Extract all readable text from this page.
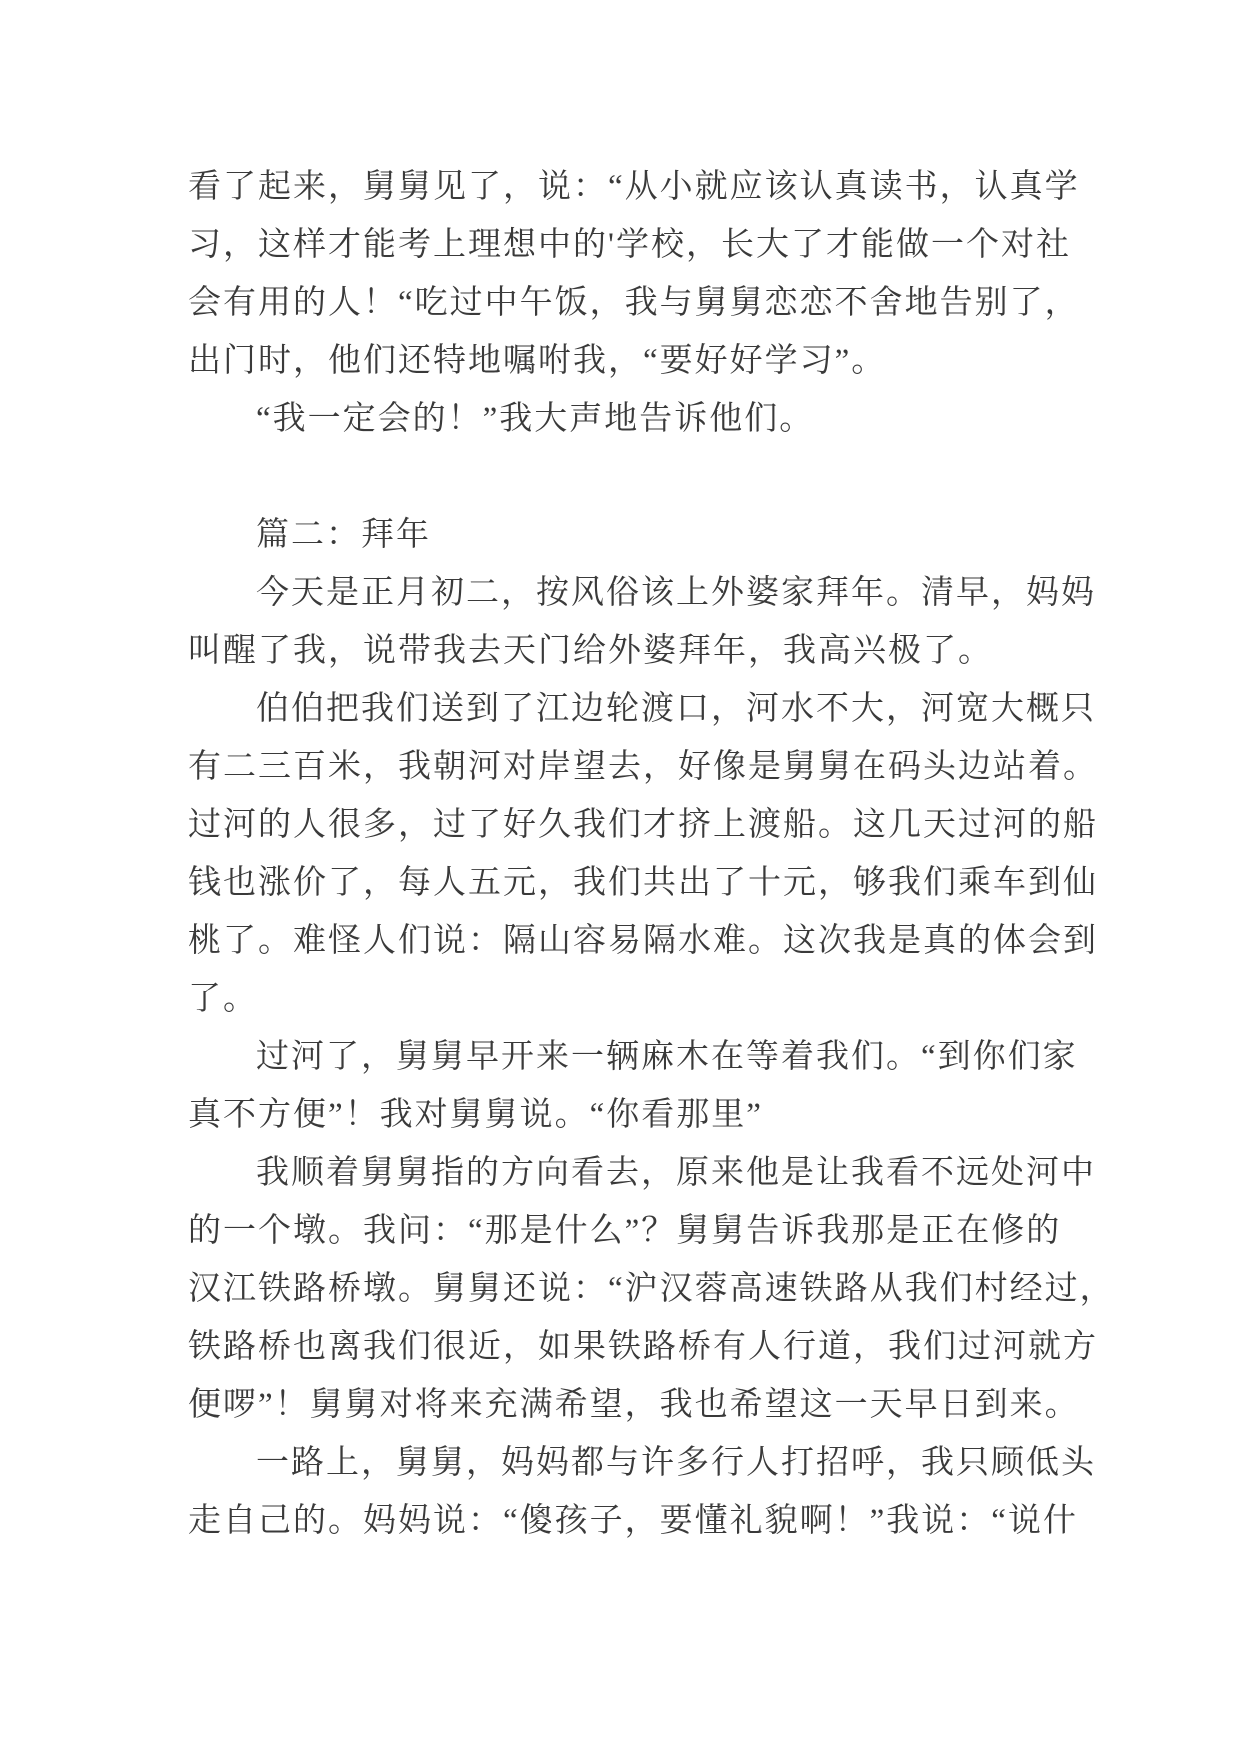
看了起来，舅舅见了，说：“从小就应该认真读书，认真学
习，这样才能考上理想中的'学校，长大了才能做一个对社
会有用的人！“吃过中午饭，我与舅舅恋恋不舍地告别了，
出门时，他们还特地嘱咐我，“要好好学习”。
“我一定会的！”我大声地告诉他们。
篇二：拜年
今天是正月初二，按风俗该上外婆家拜年。清早，妈妈
叫醒了我，说带我去天门给外婆拜年，我高兴极了。
伯伯把我们送到了江边轮渡口，河水不大，河宽大概只
有二三百米，我朝河对岸望去，好像是舅舅在码头边站着。
过河的人很多，过了好久我们才挤上渡船。这几天过河的船
钱也涨价了，每人五元，我们共出了十元，够我们乘车到仙
桃了。难怪人们说：隔山容易隔水难。这次我是真的体会到
了。
过河了，舅舅早开来一辆麻木在等着我们。“到你们家
真不方便”！我对舅舅说。“你看那里”
我顺着舅舅指的方向看去，原来他是让我看不远处河中
的一个墩。我问：“那是什么”？舅舅告诉我那是正在修的
汉江铁路桥墩。舅舅还说：“沪汉蓉高速铁路从我们村经过，
铁路桥也离我们很近，如果铁路桥有人行道，我们过河就方
便啰”！舅舅对将来充满希望，我也希望这一天早日到来。
一路上，舅舅，妈妈都与许多行人打招呼，我只顾低头
走自己的。妈妈说：“傻孩子，要懂礼貌啊！”我说：“说什
